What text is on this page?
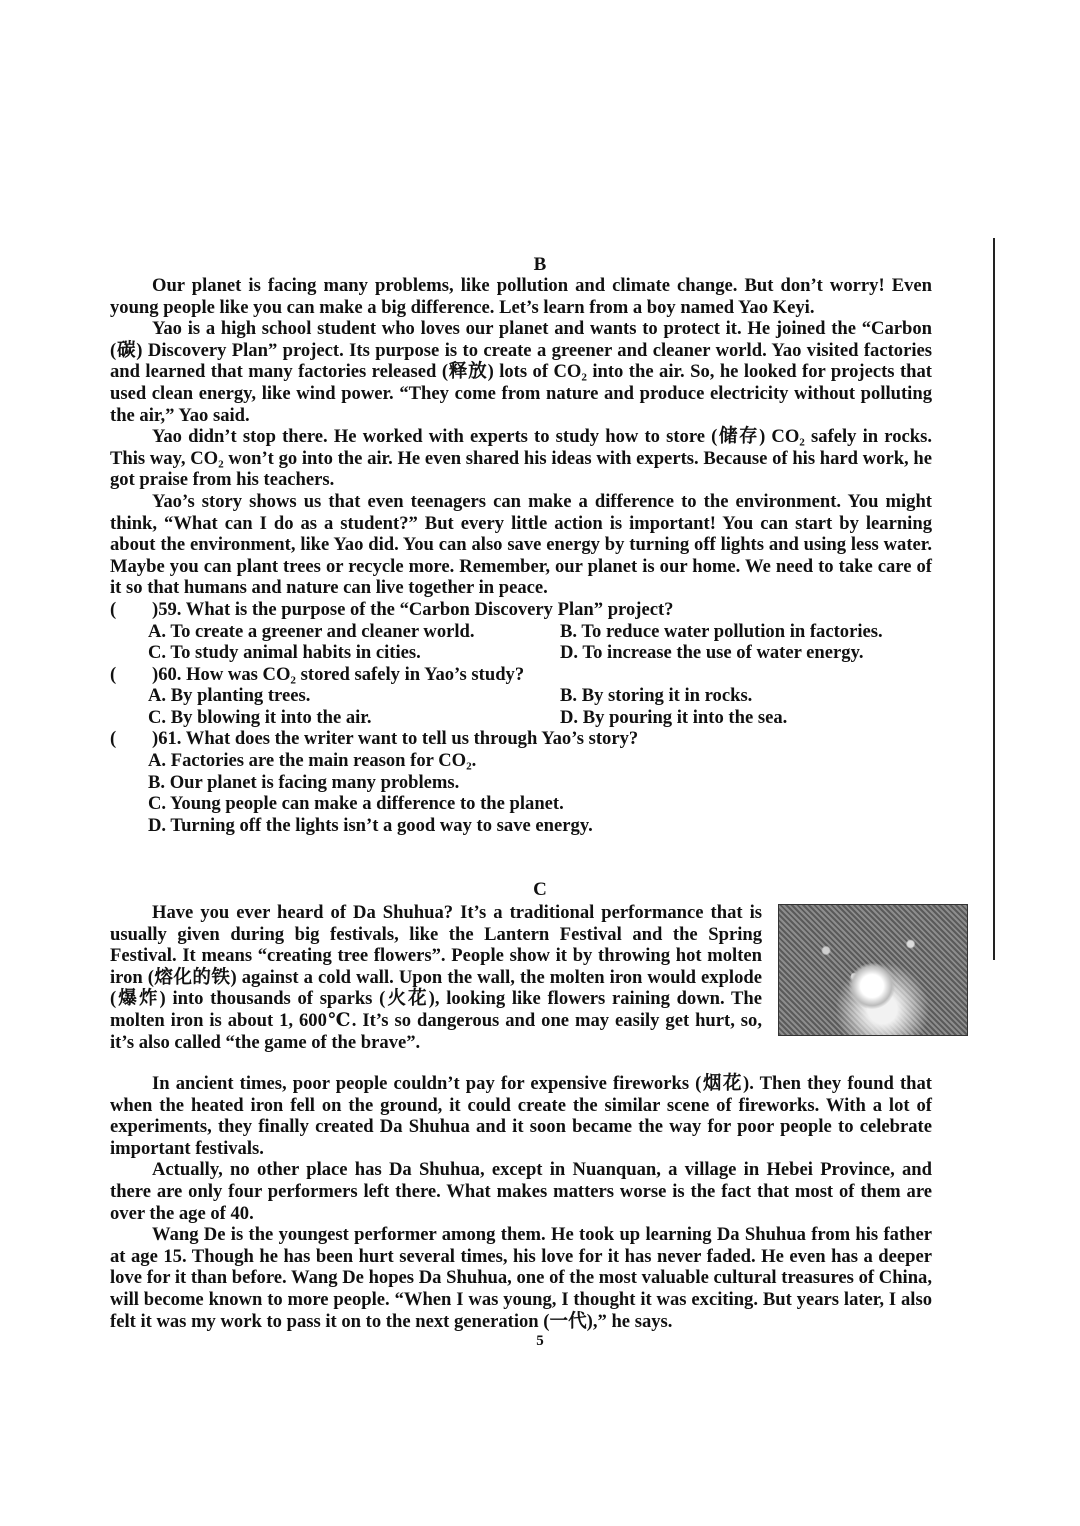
B

Our planet is facing many problems, like pollution and climate change. But don’t worry! Even young people like you can make a big difference. Let’s learn from a boy named Yao Keyi.

Yao is a high school student who loves our planet and wants to protect it. He joined the “Carbon (碳) Discovery Plan” project. Its purpose is to create a greener and cleaner world. Yao visited factories and learned that many factories released (释放) lots of CO₂ into the air. So, he looked for projects that used clean energy, like wind power. “They come from nature and produce electricity without polluting the air,” Yao said.

Yao didn’t stop there. He worked with experts to study how to store (储存) CO₂ safely in rocks. This way, CO₂ won’t go into the air. He even shared his ideas with experts. Because of his hard work, he got praise from his teachers.

Yao’s story shows us that even teenagers can make a difference to the environment. You might think, “What can I do as a student?” But every little action is important! You can start by learning about the environment, like Yao did. You can also save energy by turning off lights and using less water. Maybe you can plant trees or recycle more. Remember, our planet is our home. We need to take care of it so that humans and nature can live together in peace.

( )59. What is the purpose of the “Carbon Discovery Plan” project?

A. To create a greener and cleaner world.	B. To reduce water pollution in factories.
C. To study animal habits in cities.	D. To increase the use of water energy.

( )60. How was CO₂ stored safely in Yao’s study?

A. By planting trees.	B. By storing it in rocks.
C. By blowing it into the air.	D. By pouring it into the sea.

( )61. What does the writer want to tell us through Yao’s story?

A. Factories are the main reason for CO₂.

B. Our planet is facing many problems.

C. Young people can make a difference to the planet.

D. Turning off the lights isn’t a good way to save energy.

C

Have you ever heard of Da Shuhua? It’s a traditional performance that is usually given during big festivals, like the Lantern Festival and the Spring Festival. It means “creating tree flowers”. People show it by throwing hot molten iron (熔化的铁) against a cold wall. Upon the wall, the molten iron would explode (爆炸) into thousands of sparks (火花), looking like flowers raining down. The molten iron is about 1, 600℃. It’s so dangerous and one may easily get hurt, so, it’s also called “the game of the brave”.

In ancient times, poor people couldn’t pay for expensive fireworks (烟花). Then they found that when the heated iron fell on the ground, it could create the similar scene of fireworks. With a lot of experiments, they finally created Da Shuhua and it soon became the way for poor people to celebrate important festivals.

Actually, no other place has Da Shuhua, except in Nuanquan, a village in Hebei Province, and there are only four performers left there. What makes matters worse is the fact that most of them are over the age of 40.

Wang De is the youngest performer among them. He took up learning Da Shuhua from his father at age 15. Though he has been hurt several times, his love for it has never faded. He even has a deeper love for it than before. Wang De hopes Da Shuhua, one of the most valuable cultural treasures of China, will become known to more people. “When I was young, I thought it was exciting. But years later, I also felt it was my work to pass it on to the next generation (一代),” he says.

5
